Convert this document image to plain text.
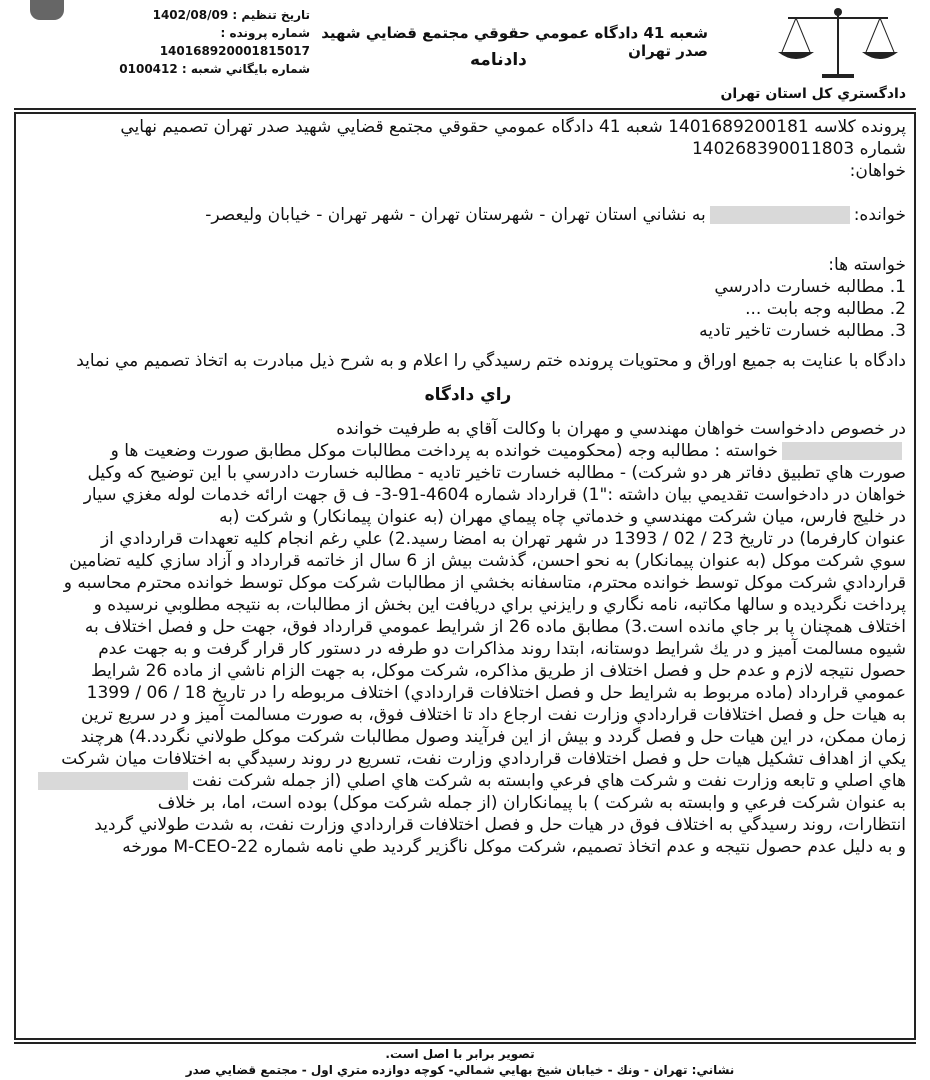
تاريخ تنظيم : 1402/08/09
شماره پرونده : 140168920001815017
شماره بايگاني شعبه : 0100412
شعبه 41 دادگاه عمومي حقوقي مجتمع قضايي شهيد صدر تهران
دادنامه
دادگستري كل استان تهران
پرونده كلاسه 1401689200181 شعبه 41 دادگاه عمومي حقوقي مجتمع قضايي شهيد صدر تهران تصميم نهايي
شماره 140268390011803
خواهان:
خوانده:به نشاني استان تهران - شهرستان تهران - شهر تهران - خيابان وليعصر-
خواسته ها:
1. مطالبه خسارت دادرسي
2. مطالبه وجه بابت ...
3. مطالبه خسارت تاخير تاديه
دادگاه با عنايت به جميع اوراق و محتويات پرونده ختم رسيدگي را اعلام و به شرح ذيل مبادرت به اتخاذ تصميم مي نمايد
راي دادگاه
در خصوص دادخواست خواهان مهندسي و مهران با وكالت آقاي به طرفيت خوانده
خواسته : مطالبه وجه (محكوميت خوانده به پرداخت مطالبات موكل مطابق صورت وضعيت ها و
صورت هاي تطبيق دفاتر هر دو شركت) - مطالبه خسارت تاخير تاديه - مطالبه خسارت دادرسي با اين توضيح كه وكيل
خواهان در دادخواست تقديمي بيان داشته :"1) قرارداد شماره 4604-91-3- ف ق جهت ارائه خدمات لوله مغزي سيار
در خليج فارس، ميان شركت مهندسي و خدماتي چاه پيماي مهران (به عنوان پيمانكار) و شركت (به
عنوان كارفرما) در تاريخ 23 / 02 / 1393 در شهر تهران به امضا رسيد.2) علي رغم انجام كليه تعهدات قراردادي از
سوي شركت موكل (به عنوان پيمانكار) به نحو احسن، گذشت بيش از 6 سال از خاتمه قرارداد و آزاد سازي كليه تضامين
قراردادي شركت موكل توسط خوانده محترم، متاسفانه بخشي از مطالبات شركت موكل توسط خوانده محترم محاسبه و
پرداخت نگرديده و سالها مكاتبه، نامه نگاري و رايزني براي دريافت اين بخش از مطالبات، به نتيجه مطلوبي نرسيده و
اختلاف همچنان پا بر جاي مانده است.3) مطابق ماده 26 از شرايط عمومي قرارداد فوق، جهت حل و فصل اختلاف به
شيوه مسالمت آميز و در يك شرايط دوستانه، ابتدا روند مذاكرات دو طرفه در دستور كار قرار گرفت و به جهت عدم
حصول نتيجه لازم و عدم حل و فصل اختلاف از طريق مذاكره، شركت موكل، به جهت الزام ناشي از ماده 26 شرايط
عمومي قرارداد (ماده مربوط به شرايط حل و فصل اختلافات قراردادي) اختلاف مربوطه را در تاريخ 18 / 06 / 1399
به هيات حل و فصل اختلافات قراردادي وزارت نفت ارجاع داد تا اختلاف فوق، به صورت مسالمت آميز و در سريع ترين
زمان ممكن، در اين هيات حل و فصل گردد و بيش از اين فرآيند وصول مطالبات شركت موكل طولاني نگردد.4) هرچند
يكي از اهداف تشكيل هيات حل و فصل اختلافات قراردادي وزارت نفت، تسريع در روند رسيدگي به اختلافات ميان شركت
هاي اصلي و تابعه وزارت نفت و شركت هاي فرعي وابسته به شركت هاي اصلي (از جمله شركت نفت
به عنوان شركت فرعي و وابسته به شركت ) با پيمانكاران (از جمله شركت موكل) بوده است، اما، بر خلاف
انتظارات، روند رسيدگي به اختلاف فوق در هيات حل و فصل اختلافات قراردادي وزارت نفت، به شدت طولاني گرديد
و به دليل عدم حصول نتيجه و عدم اتخاذ تصميم، شركت موكل ناگزير گرديد طي نامه شماره M-CEO-22 مورخه
تصوير برابر با اصل است.
نشاني: تهران - ونك - خيابان شيخ بهايي شمالي- كوچه دوازده متري اول - مجتمع قضايي صدر
